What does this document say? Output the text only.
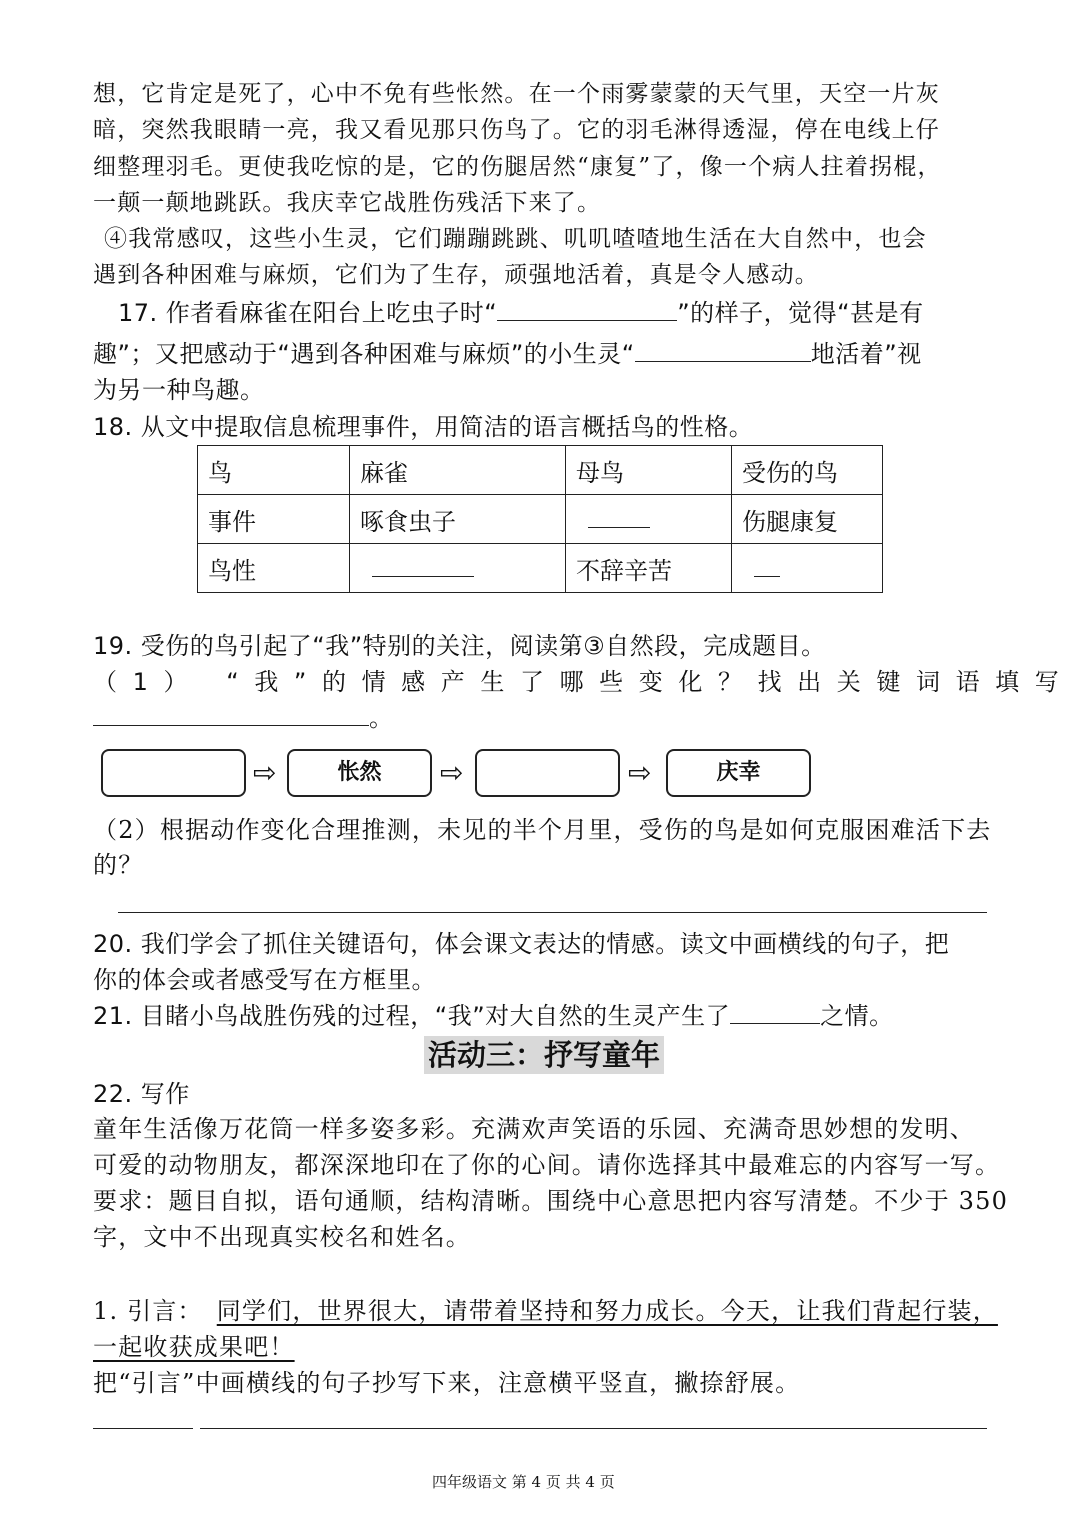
想，它肯定是死了，心中不免有些怅然。在一个雨雾蒙蒙的天气里，天空一片灰
暗，突然我眼睛一亮，我又看见那只伤鸟了。它的羽毛淋得透湿，停在电线上仔
细整理羽毛。更使我吃惊的是，它的伤腿居然“康复”了，像一个病人拄着拐棍，
一颠一颠地跳跃。我庆幸它战胜伤残活下来了。
④我常感叹，这些小生灵，它们蹦蹦跳跳、叽叽喳喳地生活在大自然中，也会
遇到各种困难与麻烦，它们为了生存，顽强地活着，真是令人感动。
17. 作者看麻雀在阳台上吃虫子时“	”的样子，觉得“甚是有
趣”；又把感动于“遇到各种困难与麻烦”的小生灵“	地活着”视
为另一种鸟趣。
18. 从文中提取信息梳理事件，用简洁的语言概括鸟的性格。
鸟	麻雀	母鸟	受伤的鸟
事件	啄食虫子		伤腿康复
鸟性		不辞辛苦	
19. 受伤的鸟引起了“我”特别的关注，阅读第③自然段，完成题目。
（1） “我”的情感产生了哪些变化？找出关键词语填写
。
⇨	怅然	⇨	⇨	庆幸
（2）根据动作变化合理推测，未见的半个月里，受伤的鸟是如何克服困难活下去
的？
20. 我们学会了抓住关键语句，体会课文表达的情感。读文中画横线的句子，把
你的体会或者感受写在方框里。
21. 目睹小鸟战胜伤残的过程，“我”对大自然的生灵产生了	之情。
活动三：抒写童年
22. 写作
童年生活像万花筒一样多姿多彩。充满欢声笑语的乐园、充满奇思妙想的发明、
可爱的动物朋友，都深深地印在了你的心间。请你选择其中最难忘的内容写一写。
要求：题目自拟，语句通顺，结构清晰。围绕中心意思把内容写清楚。不少于 350
字，文中不出现真实校名和姓名。
1. 引言： 同学们，世界很大，请带着坚持和努力成长。今天，让我们背起行装，
一起收获成果吧！
把“引言”中画横线的句子抄写下来，注意横平竖直，撇捺舒展。
四年级语文 第 4 页 共 4 页
